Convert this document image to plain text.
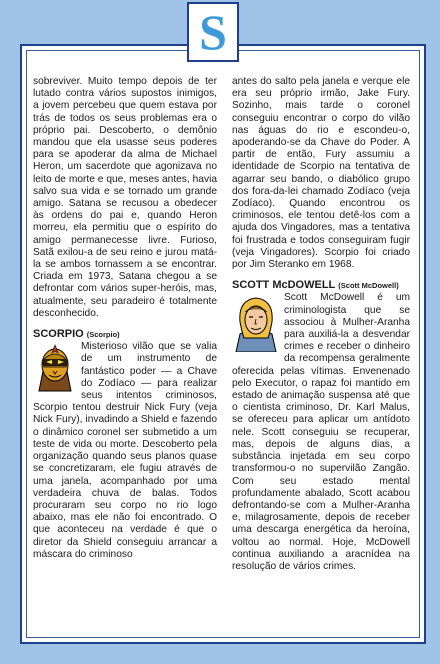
S

sobreviver. Muito tempo depois de ter lutado contra vários supostos inimigos, a jovem percebeu que quem estava por trás de todos os seus problemas era o próprio pai. Descoberto, o demônio mandou que ela usasse seus poderes para se apoderar da alma de Michael Heron, um sacerdote que agonizava no leito de morte e que, meses antes, havia salvo sua vida e se tornado um grande amigo. Satana se recusou a obedecer às ordens do pai e, quando Heron morreu, ela permitiu que o espírito do amigo permanecesse livre. Furioso, Satã exilou-a de seu reino e jurou matá-la se ambos tornassem a se encontrar. Criada em 1973, Satana chegou a se defrontar com vários super-heróis, mas, atualmente, seu paradeiro é totalmente desconhecido.

SCORPIO (Scorpio)

Misterioso vilão que se valia de um instrumento de fantástico poder — a Chave do Zodíaco — para realizar seus intentos criminosos, Scorpio tentou destruir Nick Fury (veja Nick Fury), invadindo a Shield e fazendo o dinâmico coronel ser submetido a um teste de vida ou morte. Descoberto pela organização quando seus planos quase se concretizaram, ele fugiu através de uma janela, acompanhado por uma verdadeira chuva de balas. Todos procuraram seu corpo no rio logo abaixo, mas ele não foi encontrado. O que aconteceu na verdade é que o diretor da Shield conseguiu arrancar a máscara do criminoso

antes do salto pela janela e verque ele era seu próprio irmão, Jake Fury. Sozinho, mais tarde o coronel conseguiu encontrar o corpo do vilão nas águas do rio e escondeu-o, apoderando-se da Chave do Poder. A partir de então, Fury assumiu a identidade de Scorpio na tentativa de agarrar seu bando, o diabólico grupo dos fora-da-lei chamado Zodíaco (veja Zodíaco). Quando encontrou os criminosos, ele tentou detê-los com a ajuda dos Vingadores, mas a tentativa foi frustrada e todos conseguiram fugir (veja Vingadores). Scorpio foi criado por Jim Steranko em 1968.

SCOTT McDOWELL (Scott McDowell)

Scott McDowell é um criminologista que se associou à Mulher-Aranha para auxiliá-la a desvendar crimes e receber o dinheiro da recompensa geralmente oferecida pelas vítimas. Envenenado pelo Executor, o rapaz foi mantido em estado de animação suspensa até que o cientista criminoso, Dr. Karl Malus, se ofereceu para aplicar um antídoto nele. Scott conseguiu se recuperar, mas, depois de alguns dias, a substância injetada em seu corpo transformou-o no supervilão Zangão. Com seu estado mental profundamente abalado, Scott acabou defrontando-se com a Mulher-Aranha e, milagrosamente, depois de receber uma descarga energética da heroína, voltou ao normal. Hoje, McDowell continua auxiliando a aracnídea na resolução de vários crimes.
